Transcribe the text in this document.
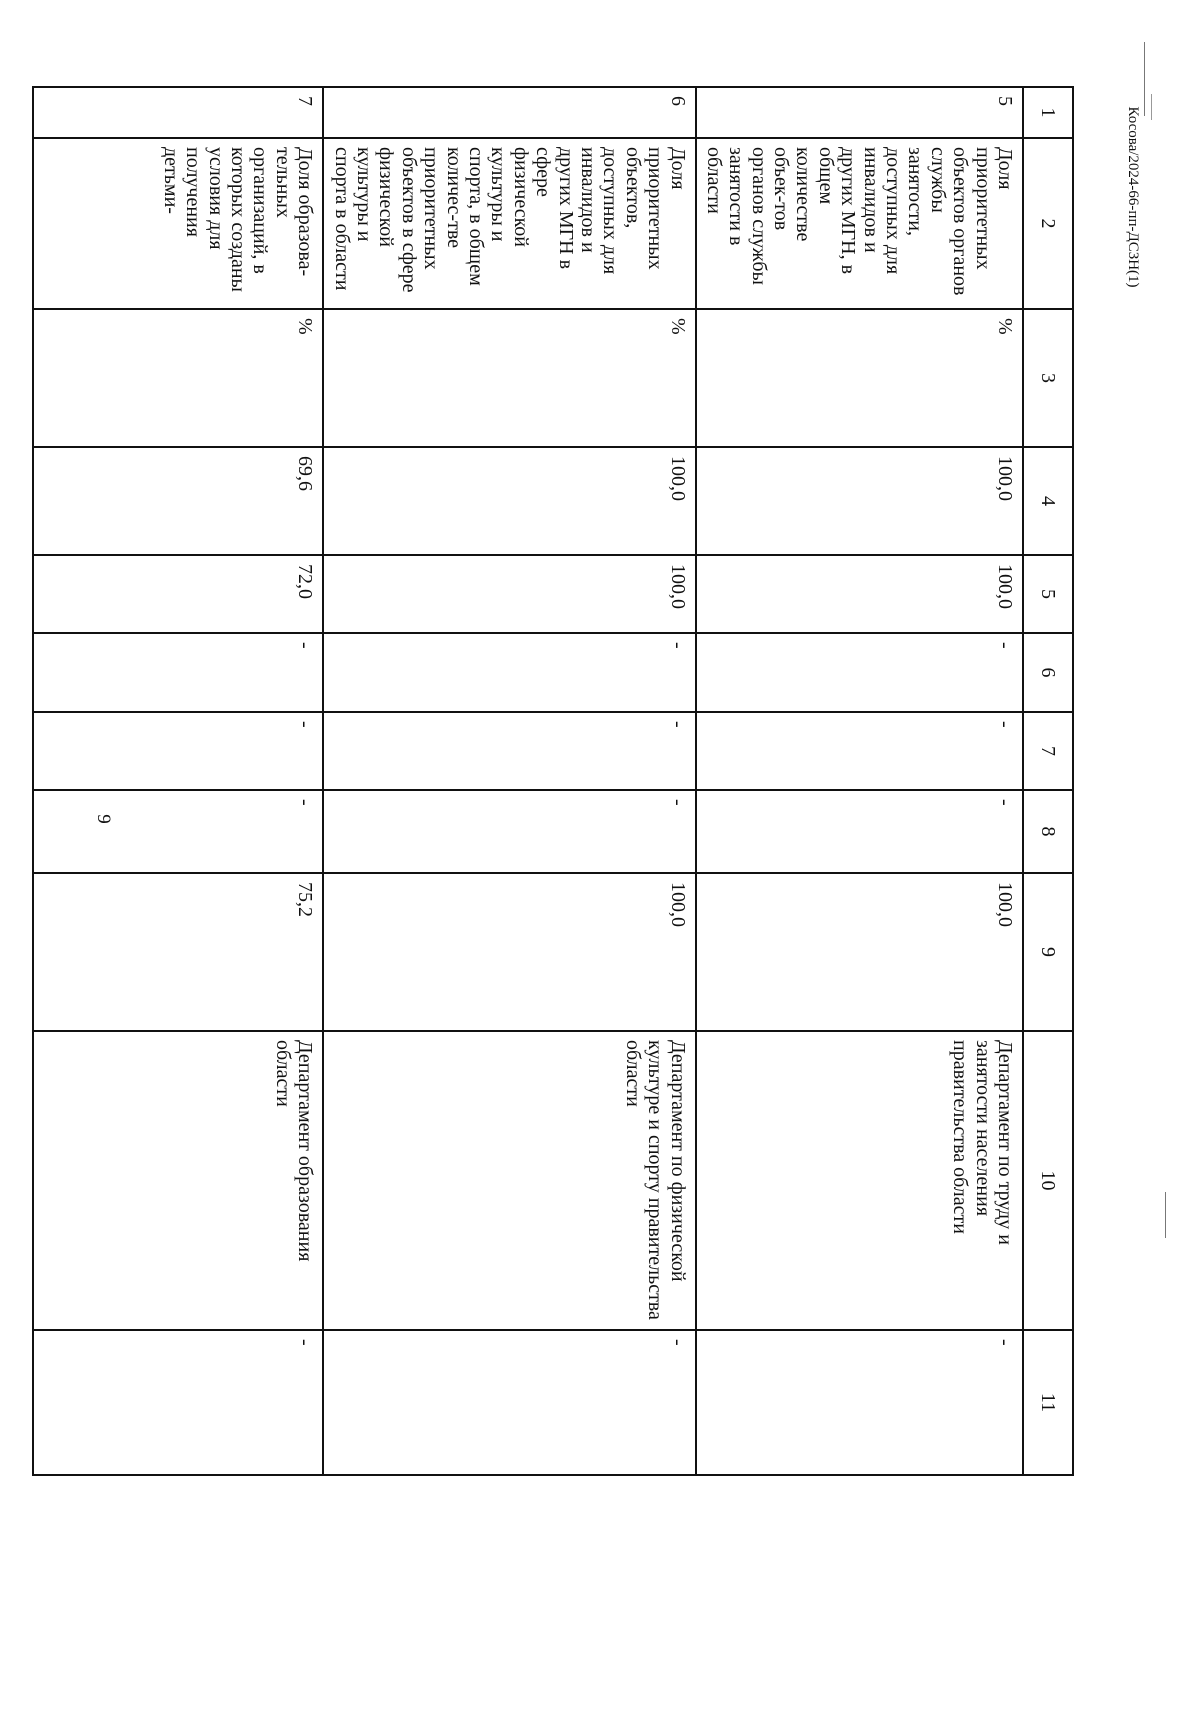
9
Косова/2024-66-пп-ДСЗН(1)
1	2	3	4	5	6	7	8	9	10	11
5	Доля приоритетных объектов органов службы занятости, доступных для инвалидов и других МГН, в общем количестве объек-тов органов службы занятости в области	%	100,0	100,0	-	-	-	100,0	Департамент по труду и занятости населения правительства области	-
6	Доля приоритетных объектов, доступных для инвалидов и других МГН в сфере физической культуры и спорта, в общем количес-тве приоритетных объектов в сфере физической культуры и спорта в области	%	100,0	100,0	-	-	-	100,0	Департамент по физической культуре и спорту правительства области	-
7	Доля образова-тельных организаций, в которых созданы условия для получения детьми-	%	69,6	72,0	-	-	-	75,2	Департамент образования области	-
